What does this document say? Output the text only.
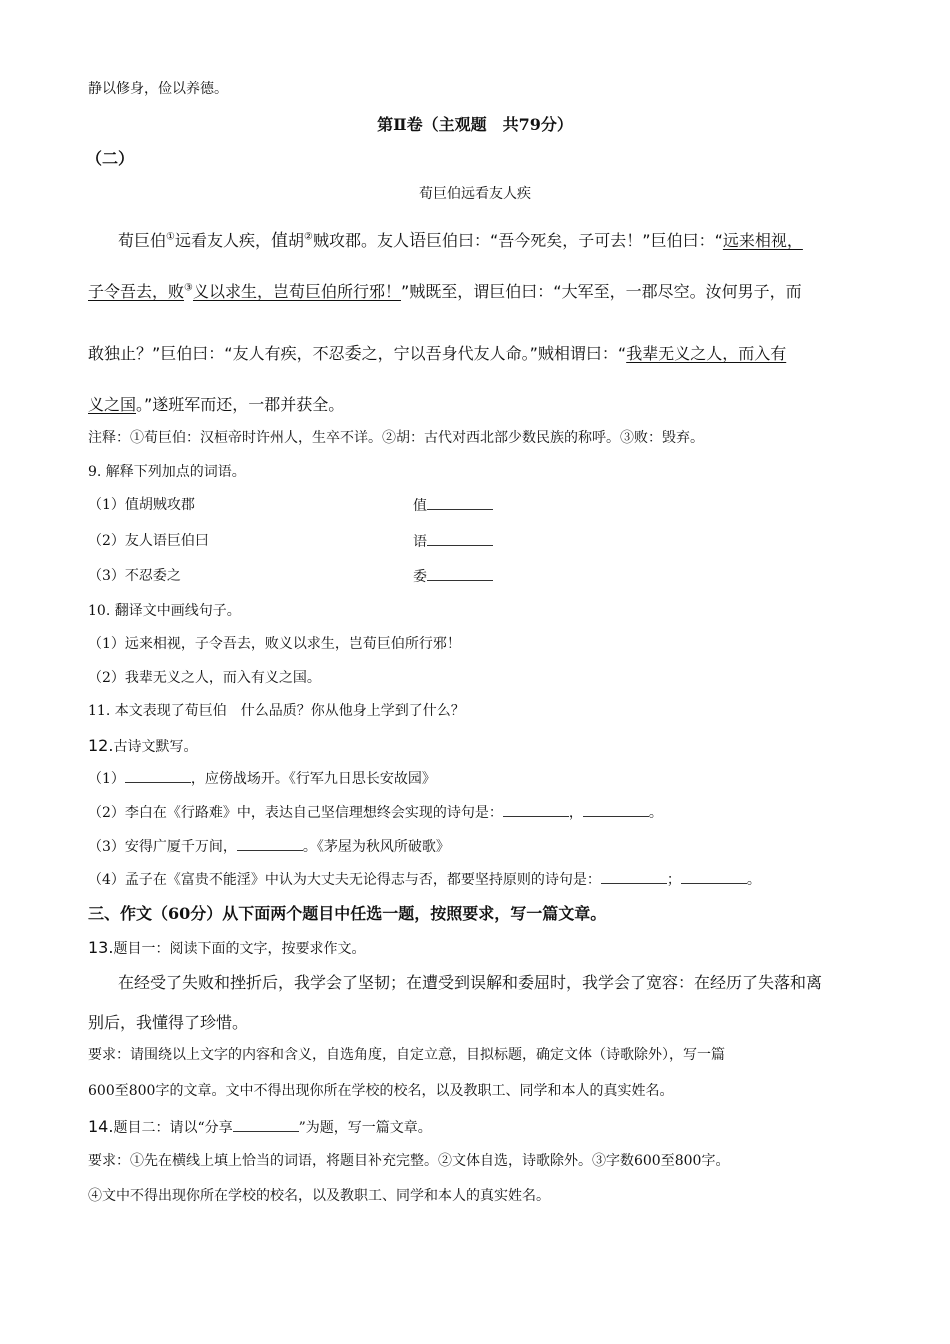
静以修身，俭以养德。
第Ⅱ卷（主观题　共79分）
（二）
荀巨伯远看友人疾
荀巨伯①远看友人疾，值胡②贼攻郡。友人语巨伯曰：“吾今死矣，子可去！”巨伯曰：“远来相视，
子令吾去，败③义以求生，岂荀巨伯所行邪！”贼既至，谓巨伯曰：“大军至，一郡尽空。汝何男子，而
敢独止？”巨伯曰：“友人有疾，不忍委之，宁以吾身代友人命。”贼相谓曰：“我辈无义之人，而入有
义之国。”遂班军而还，一郡并获全。
注释：①荀巨伯：汉桓帝时许州人，生卒不详。②胡：古代对西北部少数民族的称呼。③败：毁弃。
9. 解释下列加点的词语。
（1）值胡贼攻郡	值
（2）友人语巨伯曰	语
（3）不忍委之	委
10. 翻译文中画线句子。
（1）远来相视，子令吾去，败义以求生，岂荀巨伯所行邪！
（2）我辈无义之人，而入有义之国。
11. 本文表现了荀巨伯　什么品质？你从他身上学到了什么？
12.古诗文默写。
（1）	，应傍战场开。《行军九日思长安故园》
（2）李白在《行路难》中，表达自己坚信理想终会实现的诗句是：	，	。
（3）安得广厦千万间，	。《茅屋为秋风所破歌》
（4）孟子在《富贵不能淫》中认为大丈夫无论得志与否，都要坚持原则的诗句是：	；	。
三、作文（60分）从下面两个题目中任选一题，按照要求，写一篇文章。
13.题目一：阅读下面的文字，按要求作文。
在经受了失败和挫折后，我学会了坚韧；在遭受到误解和委屈时，我学会了宽容：在经历了失落和离
别后，我懂得了珍惜。
要求：请围绕以上文字的内容和含义，自选角度，自定立意，目拟标题，确定文体（诗歌除外），写一篇
600至800字的文章。文中不得出现你所在学校的校名，以及教职工、同学和本人的真实姓名。
14.题目二：请以“分享	”为题，写一篇文章。
要求：①先在横线上填上恰当的词语，将题目补充完整。②文体自选，诗歌除外。③字数600至800字。
④文中不得出现你所在学校的校名，以及教职工、同学和本人的真实姓名。
